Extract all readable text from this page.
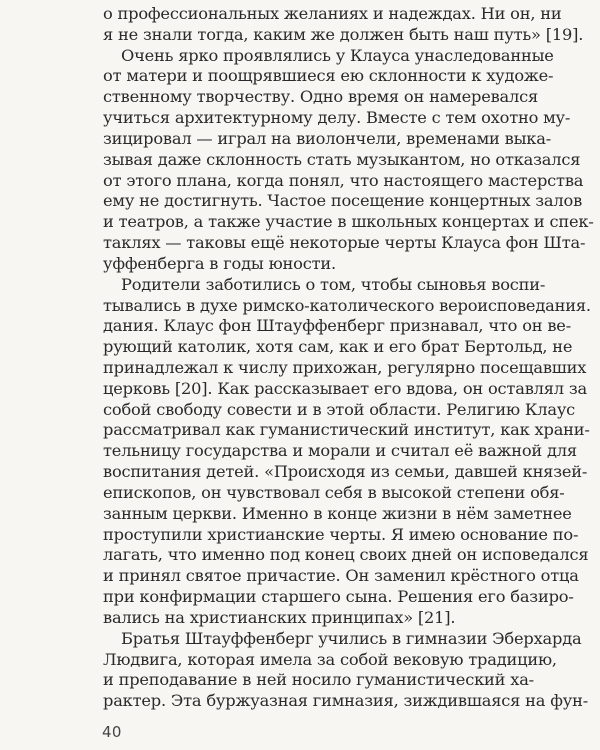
о профессиональных желаниях и надеждах. Ни он, ни
я не знали тогда, каким же должен быть наш путь» [19].
Очень ярко проявлялись у Клауса унаследованные
от матери и поощрявшиеся ею склонности к художе-
ственному творчеству. Одно время он намеревался
учиться архитектурному делу. Вместе с тем охотно му-
зицировал — играл на виолончели, временами выка-
зывая даже склонность стать музыкантом, но отказался
от этого плана, когда понял, что настоящего мастерства
ему не достигнуть. Частое посещение концертных залов
и театров, а также участие в школьных концертах и спек-
таклях — таковы ещё некоторые черты Клауса фон Шта-
уффенберга в годы юности.
Родители заботились о том, чтобы сыновья воспи-
тывались в духе римско-католического вероисповедания.
дания. Клаус фон Штауффенберг признавал, что он ве-
рующий католик, хотя сам, как и его брат Бертольд, не
принадлежал к числу прихожан, регулярно посещавших
церковь [20]. Как рассказывает его вдова, он оставлял за
собой свободу совести и в этой области. Религию Клаус
рассматривал как гуманистический институт, как храни-
тельницу государства и морали и считал её важной для
воспитания детей. «Происходя из семьи, давшей князей-
епископов, он чувствовал себя в высокой степени обя-
занным церкви. Именно в конце жизни в нём заметнее
проступили христианские черты. Я имею основание по-
лагать, что именно под конец своих дней он исповедался
и принял святое причастие. Он заменил крёстного отца
при конфирмации старшего сына. Решения его базиро-
вались на христианских принципах» [21].
Братья Штауффенберг учились в гимназии Эберхарда
Людвига, которая имела за собой вековую традицию,
и преподавание в ней носило гуманистический ха-
рактер. Эта буржуазная гимназия, зиждившаяся на фун-
40
